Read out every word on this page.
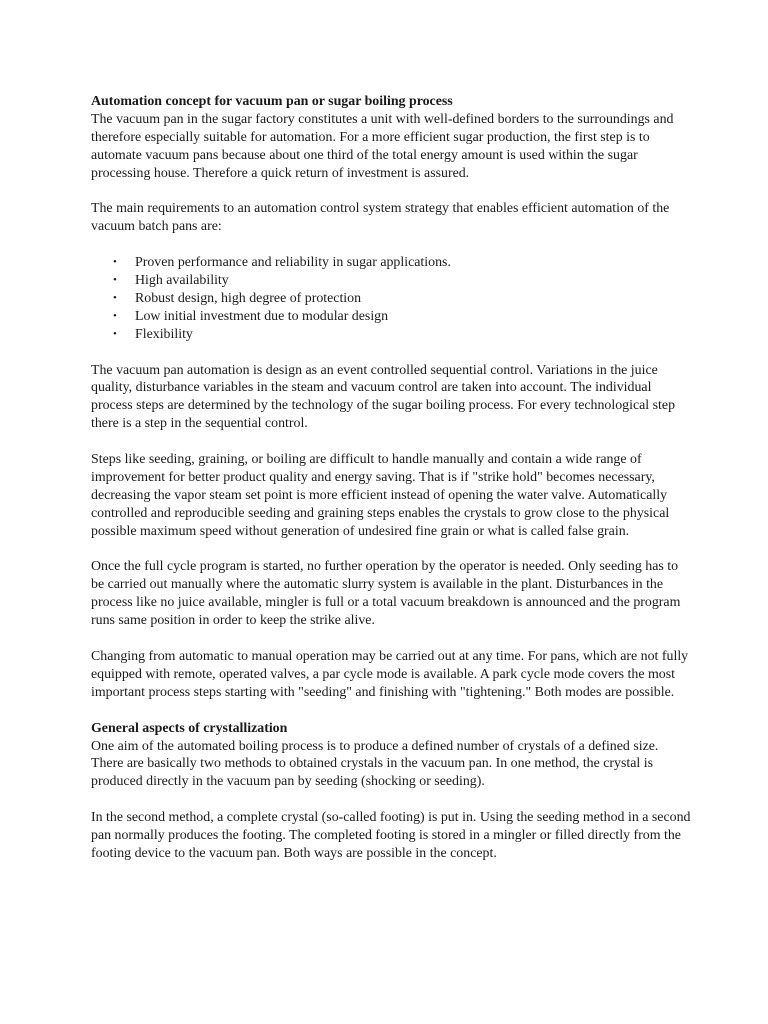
Automation concept for vacuum pan or sugar boiling process

The vacuum pan in the sugar factory constitutes a unit with well-defined borders to the surroundings and therefore especially suitable for automation. For a more efficient sugar production, the first step is to automate vacuum pans because about one third of the total energy amount is used within the sugar processing house. Therefore a quick return of investment is assured.

The main requirements to an automation control system strategy that enables efficient automation of the vacuum batch pans are:

• Proven performance and reliability in sugar applications.
• High availability
• Robust design, high degree of protection
• Low initial investment due to modular design
• Flexibility

The vacuum pan automation is design as an event controlled sequential control. Variations in the juice quality, disturbance variables in the steam and vacuum control are taken into account. The individual process steps are determined by the technology of the sugar boiling process. For every technological step there is a step in the sequential control.

Steps like seeding, graining, or boiling are difficult to handle manually and contain a wide range of improvement for better product quality and energy saving. That is if "strike hold" becomes necessary, decreasing the vapor steam set point is more efficient instead of opening the water valve. Automatically controlled and reproducible seeding and graining steps enables the crystals to grow close to the physical possible maximum speed without generation of undesired fine grain or what is called false grain.

Once the full cycle program is started, no further operation by the operator is needed. Only seeding has to be carried out manually where the automatic slurry system is available in the plant. Disturbances in the process like no juice available, mingler is full or a total vacuum breakdown is announced and the program runs same position in order to keep the strike alive.

Changing from automatic to manual operation may be carried out at any time. For pans, which are not fully equipped with remote, operated valves, a par cycle mode is available. A park cycle mode covers the most important process steps starting with "seeding" and finishing with "tightening." Both modes are possible.

General aspects of crystallization

One aim of the automated boiling process is to produce a defined number of crystals of a defined size. There are basically two methods to obtained crystals in the vacuum pan. In one method, the crystal is produced directly in the vacuum pan by seeding (shocking or seeding).

In the second method, a complete crystal (so-called footing) is put in. Using the seeding method in a second pan normally produces the footing. The completed footing is stored in a mingler or filled directly from the footing device to the vacuum pan. Both ways are possible in the concept.
